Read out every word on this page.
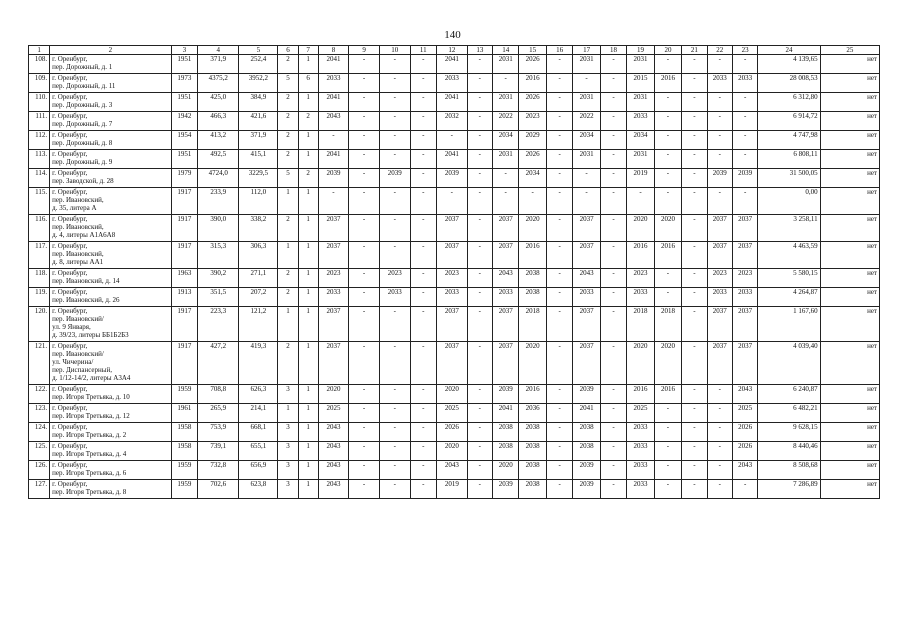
140
1	2	3	4	5	6	7	8	9	10	11	12	13	14	15	16	17	18	19	20	21	22	23	24	25
108.	г. Оренбург,
пер. Дорожный, д. 1	1951	371,9	252,4	2	1	2041	-	-	-	2041	-	2031	2026	-	2031	-	2031	-	-	-	-	4 139,65	нет
109.	г. Оренбург,
пер. Дорожный, д. 11	1973	4375,2	3952,2	5	6	2033	-	-	-	2033	-	-	2016	-	-	-	2015	2016	-	2033	2033	28 008,53	нет
110.	г. Оренбург,
пер. Дорожный, д. 3	1951	425,0	384,9	2	1	2041	-	-	-	2041	-	2031	2026	-	2031	-	2031	-	-	-	-	6 312,80	нет
111.	г. Оренбург,
пер. Дорожный, д. 7	1942	466,3	421,6	2	2	2043	-	-	-	2032	-	2022	2023	-	2022	-	2033	-	-	-	-	6 914,72	нет
112.	г. Оренбург,
пер. Дорожный, д. 8	1954	413,2	371,9	2	1	-	-	-	-	-	-	2034	2029	-	2034	-	2034	-	-	-	-	4 747,98	нет
113.	г. Оренбург,
пер. Дорожный, д. 9	1951	492,5	415,1	2	1	2041	-	-	-	2041	-	2031	2026	-	2031	-	2031	-	-	-	-	6 808,11	нет
114.	г. Оренбург,
пер. Заводской, д. 28	1979	4724,0	3229,5	5	2	2039	-	2039	-	2039	-	-	2034	-	-	-	2019	-	-	2039	2039	31 500,05	нет
115.	г. Оренбург,
пер. Ивановский,
д. 35, литера А	1917	233,9	112,0	1	1	-	-	-	-	-	-	-	-	-	-	-	-	-	-	-	-	0,00	нет
116.	г. Оренбург,
пер. Ивановский,
д. 4, литеры А1А6А8	1917	390,0	338,2	2	1	2037	-	-	-	2037	-	2037	2020	-	2037	-	2020	2020	-	2037	2037	3 258,11	нет
117.	г. Оренбург,
пер. Ивановский,
д. 8, литеры АА1	1917	315,3	306,3	1	1	2037	-	-	-	2037	-	2037	2016	-	2037	-	2016	2016	-	2037	2037	4 463,59	нет
118.	г. Оренбург,
пер. Ивановский, д. 14	1963	390,2	271,1	2	1	2023	-	2023	-	2023	-	2043	2038	-	2043	-	2023	-	-	2023	2023	5 580,15	нет
119.	г. Оренбург,
пер. Ивановский, д. 26	1913	351,5	207,2	2	1	2033	-	2033	-	2033	-	2033	2038	-	2033	-	2033	-	-	2033	2033	4 264,87	нет
120.	г. Оренбург,
пер. Ивановский/
ул. 9 Января,
д. 39/23, литеры ББ1Б2Б3	1917	223,3	121,2	1	1	2037	-	-	-	2037	-	2037	2018	-	2037	-	2018	2018	-	2037	2037	1 167,60	нет
121.	г. Оренбург,
пер. Ивановский/
ул. Чичерина/
пер. Диспансерный,
д. 1/12-14/2, литеры А3А4	1917	427,2	419,3	2	1	2037	-	-	-	2037	-	2037	2020	-	2037	-	2020	2020	-	2037	2037	4 039,40	нет
122.	г. Оренбург,
пер. Игоря Третьяка, д. 10	1959	708,8	626,3	3	1	2020	-	-	-	2020	-	2039	2016	-	2039	-	2016	2016	-	-	2043	6 240,87	нет
123.	г. Оренбург,
пер. Игоря Третьяка, д. 12	1961	265,9	214,1	1	1	2025	-	-	-	2025	-	2041	2036	-	2041	-	2025	-	-	-	2025	6 482,21	нет
124.	г. Оренбург,
пер. Игоря Третьяка, д. 2	1958	753,9	668,1	3	1	2043	-	-	-	2026	-	2038	2038	-	2038	-	2033	-	-	-	2026	9 628,15	нет
125.	г. Оренбург,
пер. Игоря Третьяка, д. 4	1958	739,1	655,1	3	1	2043	-	-	-	2020	-	2038	2038	-	2038	-	2033	-	-	-	2026	8 440,46	нет
126.	г. Оренбург,
пер. Игоря Третьяка, д. 6	1959	732,8	656,9	3	1	2043	-	-	-	2043	-	2020	2038	-	2039	-	2033	-	-	-	2043	8 508,68	нет
127.	г. Оренбург,
пер. Игоря Третьяка, д. 8	1959	702,6	623,8	3	1	2043	-	-	-	2019	-	2039	2038	-	2039	-	2033	-	-	-	-	7 286,89	нет
